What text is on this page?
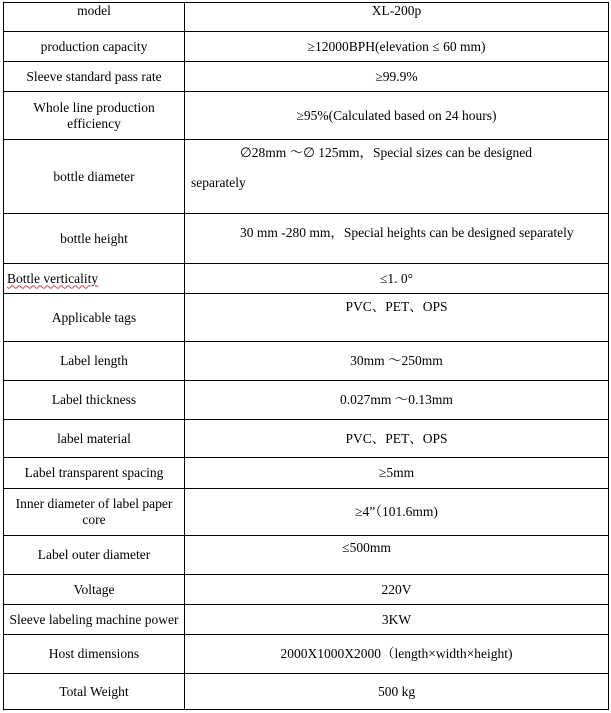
model	XL-200p
production capacity	≥12000BPH(elevation ≤ 60 mm)
Sleeve standard pass rate	≥99.9%
Whole line production efficiency	≥95%(Calculated based on 24 hours)
bottle diameter	∅28mm ～∅ 125mm，Special sizes can be designed
separately

bottle height	30 mm -280 mm，Special heights can be designed separately

Bottle verticality	≤1. 0°
Applicable tags	PVC、PET、OPS
Label length	30mm ～250mm
Label thickness	0.027mm ～0.13mm
label material	PVC、PET、OPS
Label transparent spacing	≥5mm
Inner diameter of label paper core	≥4”（101.6mm)
Label outer diameter	≤500mm
Voltage	220V
Sleeve labeling machine power	3KW
Host dimensions	2000X1000X2000（length×width×height)
Total Weight	500 kg
